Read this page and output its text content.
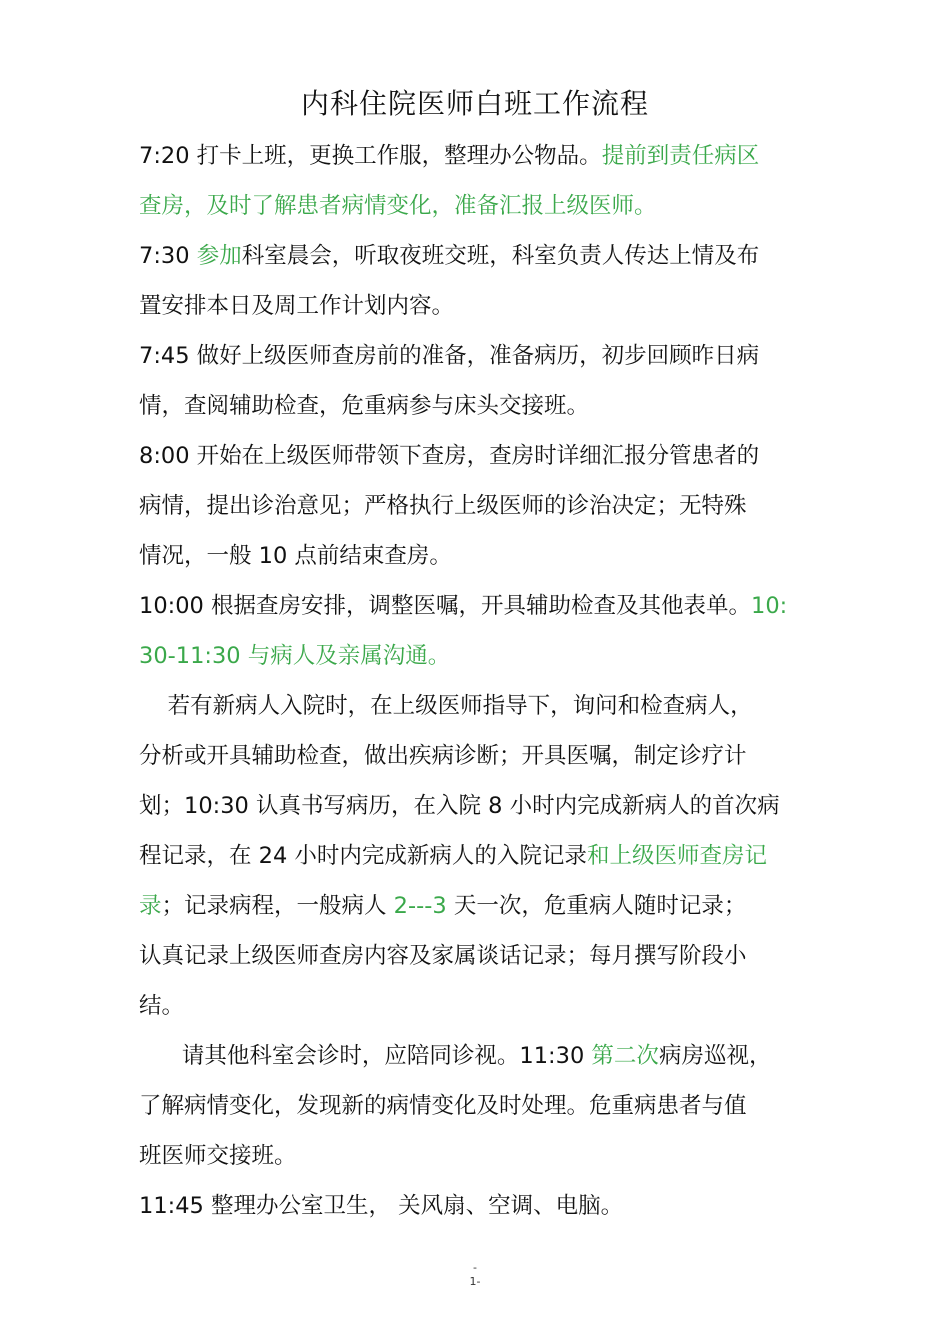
内科住院医师白班工作流程
7:20 打卡上班，更换工作服，整理办公物品。提前到责任病区
查房，及时了解患者病情变化，准备汇报上级医师。
7:30 参加科室晨会，听取夜班交班，科室负责人传达上情及布
置安排本日及周工作计划内容。
7:45 做好上级医师查房前的准备，准备病历，初步回顾昨日病
情，查阅辅助检查，危重病参与床头交接班。
8:00 开始在上级医师带领下查房，查房时详细汇报分管患者的
病情，提出诊治意见；严格执行上级医师的诊治决定；无特殊
情况，一般 10 点前结束查房。
10:00 根据查房安排，调整医嘱，开具辅助检查及其他表单。10:
30-11:30 与病人及亲属沟通。
若有新病人入院时，在上级医师指导下，询问和检查病人，
分析或开具辅助检查，做出疾病诊断；开具医嘱，制定诊疗计
划；10:30 认真书写病历，在入院 8 小时内完成新病人的首次病
程记录，在 24 小时内完成新病人的入院记录和上级医师查房记
录；记录病程，一般病人 2---3 天一次，危重病人随时记录；
认真记录上级医师查房内容及家属谈话记录；每月撰写阶段小
结。
请其他科室会诊时，应陪同诊视。11:30 第二次病房巡视，
了解病情变化，发现新的病情变化及时处理。危重病患者与值
班医师交接班。
11:45 整理办公室卫生， 关风扇、空调、电脑。
-
1-
